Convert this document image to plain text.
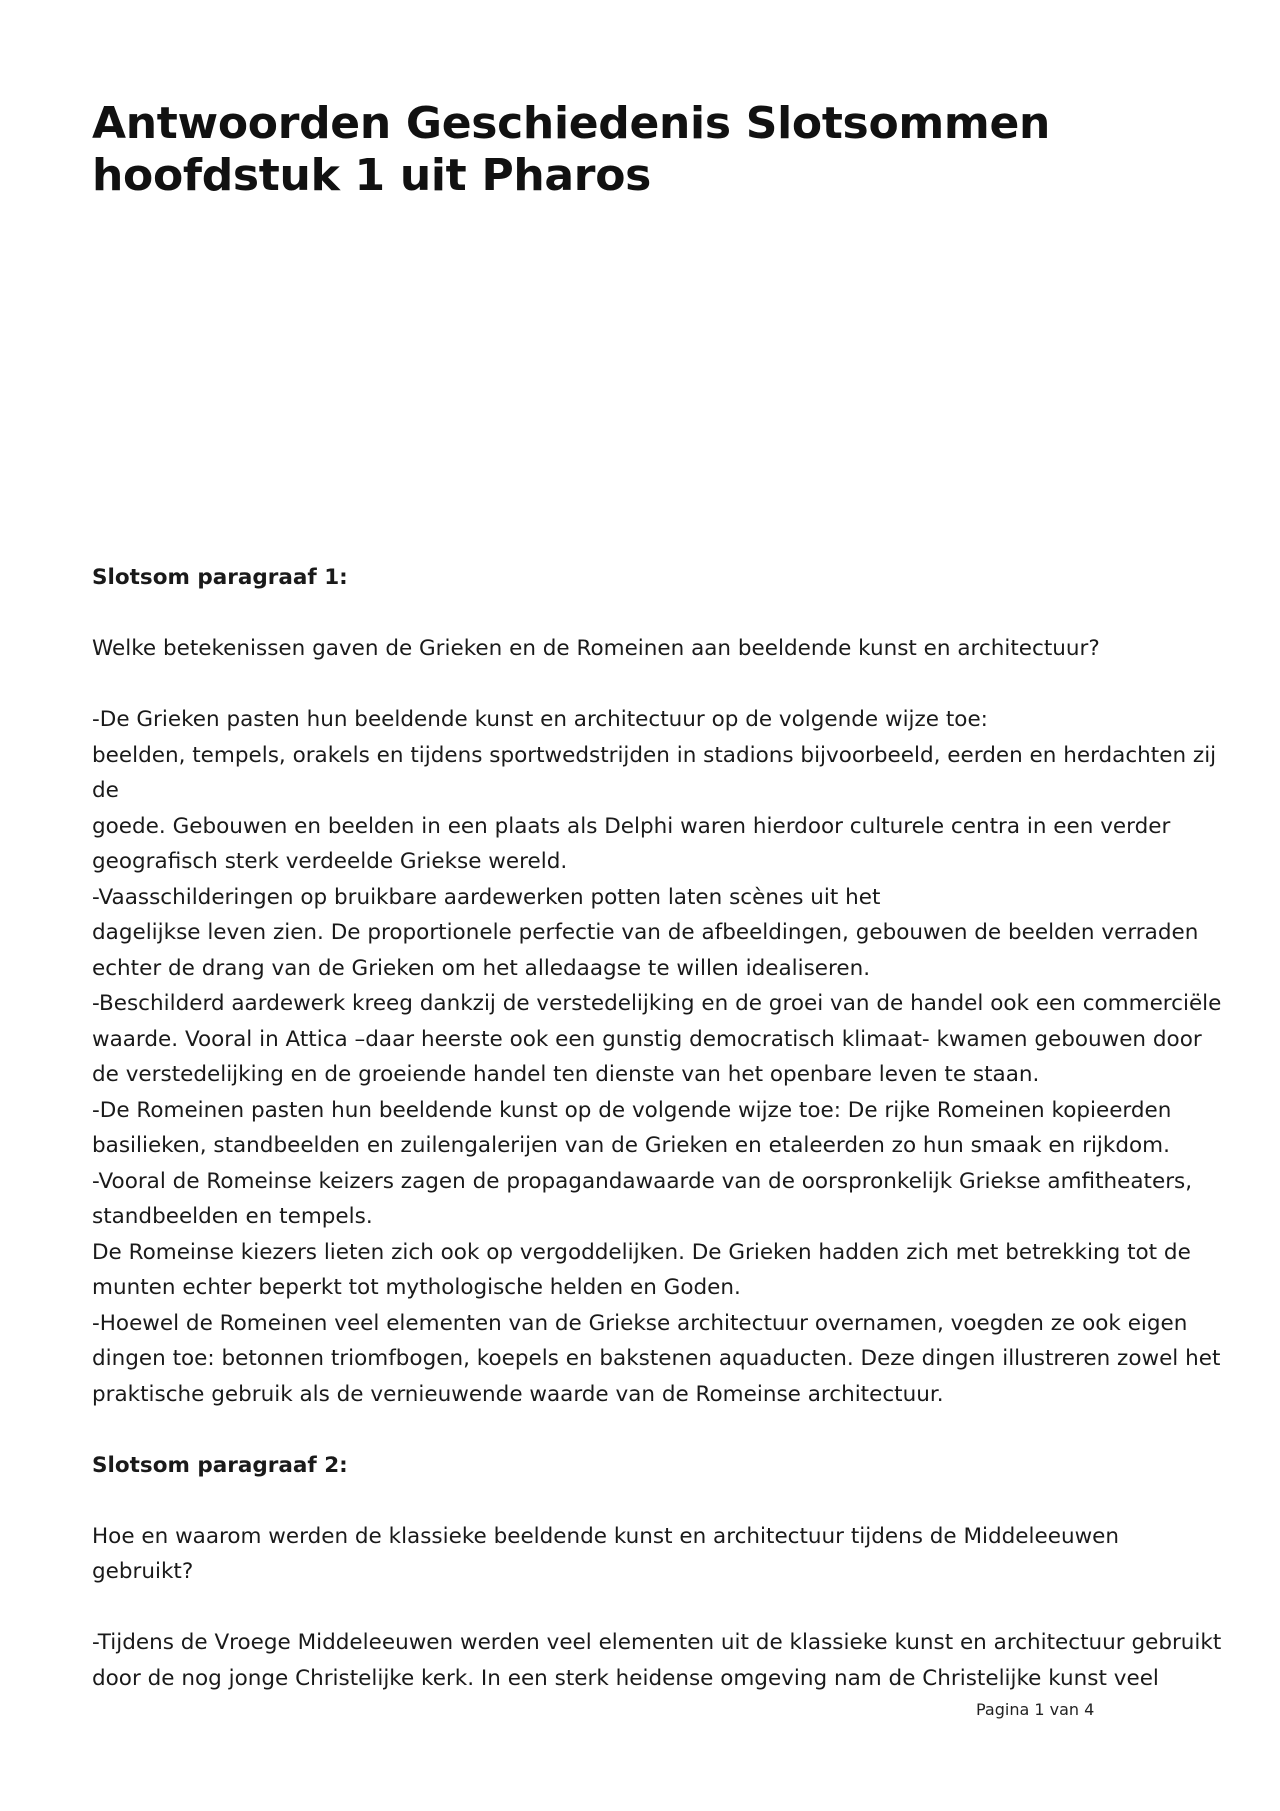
Antwoorden Geschiedenis Slotsommen hoofdstuk 1 uit Pharos

Slotsom paragraaf 1:

Welke betekenissen gaven de Grieken en de Romeinen aan beeldende kunst en architectuur?

-De Grieken pasten hun beeldende kunst en architectuur op de volgende wijze toe:

beelden, tempels, orakels en tijdens sportwedstrijden in stadions bijvoorbeeld, eerden en herdachten zij de

goede. Gebouwen en beelden in een plaats als Delphi waren hierdoor culturele centra in een verder

geografisch sterk verdeelde Griekse wereld.

-Vaasschilderingen op bruikbare aardewerken potten laten scènes uit het

dagelijkse leven zien. De proportionele perfectie van de afbeeldingen, gebouwen de beelden verraden

echter de drang van de Grieken om het alledaagse te willen idealiseren.

-Beschilderd aardewerk kreeg dankzij de verstedelijking en de groei van de handel ook een commerciële

waarde. Vooral in Attica –daar heerste ook een gunstig democratisch klimaat- kwamen gebouwen door

de verstedelijking en de groeiende handel ten dienste van het openbare leven te staan.

-De Romeinen pasten hun beeldende kunst op de volgende wijze toe: De rijke Romeinen kopieerden

basilieken, standbeelden en zuilengalerijen van de Grieken en etaleerden zo hun smaak en rijkdom.

-Vooral de Romeinse keizers zagen de propagandawaarde van de oorspronkelijk Griekse amfitheaters,

standbeelden en tempels.

De Romeinse kiezers lieten zich ook op vergoddelijken. De Grieken hadden zich met betrekking tot de

munten echter beperkt tot mythologische helden en Goden.

-Hoewel de Romeinen veel elementen van de Griekse architectuur overnamen, voegden ze ook eigen

dingen toe: betonnen triomfbogen, koepels en bakstenen aquaducten. Deze dingen illustreren zowel het

praktische gebruik als de vernieuwende waarde van de Romeinse architectuur.

Slotsom paragraaf 2:

Hoe en waarom werden de klassieke beeldende kunst en architectuur tijdens de Middeleeuwen gebruikt?

-Tijdens de Vroege Middeleeuwen werden veel elementen uit de klassieke kunst en architectuur gebruikt

door de nog jonge Christelijke kerk. In een sterk heidense omgeving nam de Christelijke kunst veel

Pagina 1 van 4
